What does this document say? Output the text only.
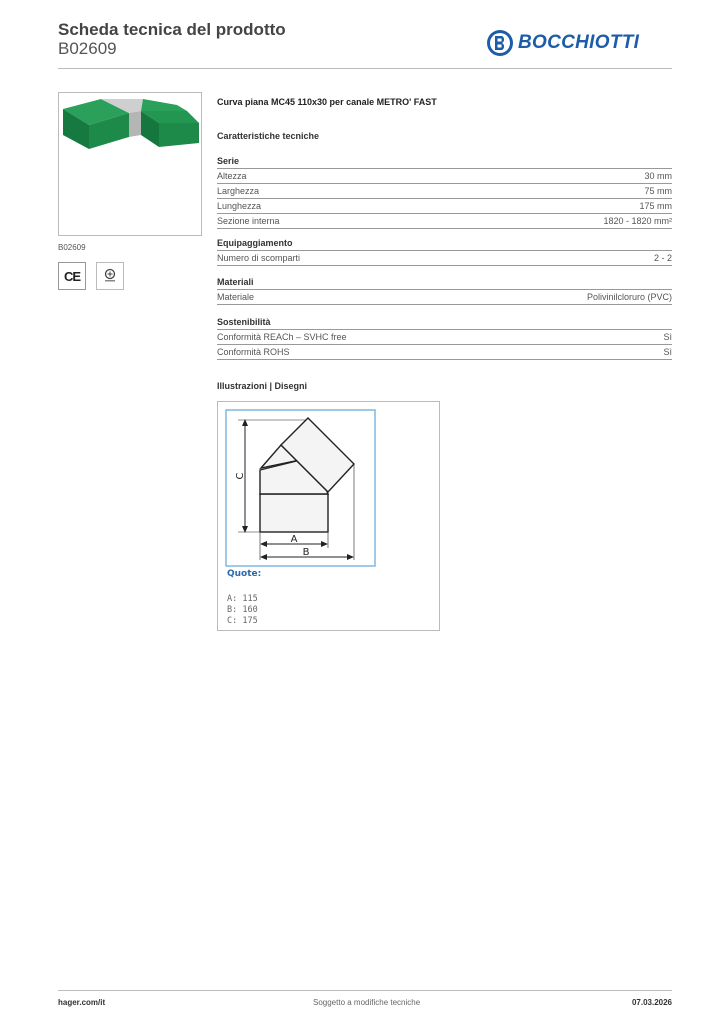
Scheda tecnica del prodotto
B02609	BOCCHIOTTI
B02609
CE
Curva piana MC45 110x30 per canale METRO' FAST
Caratteristiche tecniche
Serie
Altezza	30 mm
Larghezza	75 mm
Lunghezza	175 mm
Sezione interna	1820 - 1820 mm²
Equipaggiamento
Numero di scomparti	2 - 2
Materiali
Materiale	Polivinilcloruro (PVC)
Sostenibilità
Conformità REACh – SVHC free	Sì
Conformità ROHS	Sì
Illustrazioni | Disegni
C
A
B
Quote:
A: 115
B: 160
C: 175
hager.com/it	Soggetto a modifiche tecniche	07.03.2026
